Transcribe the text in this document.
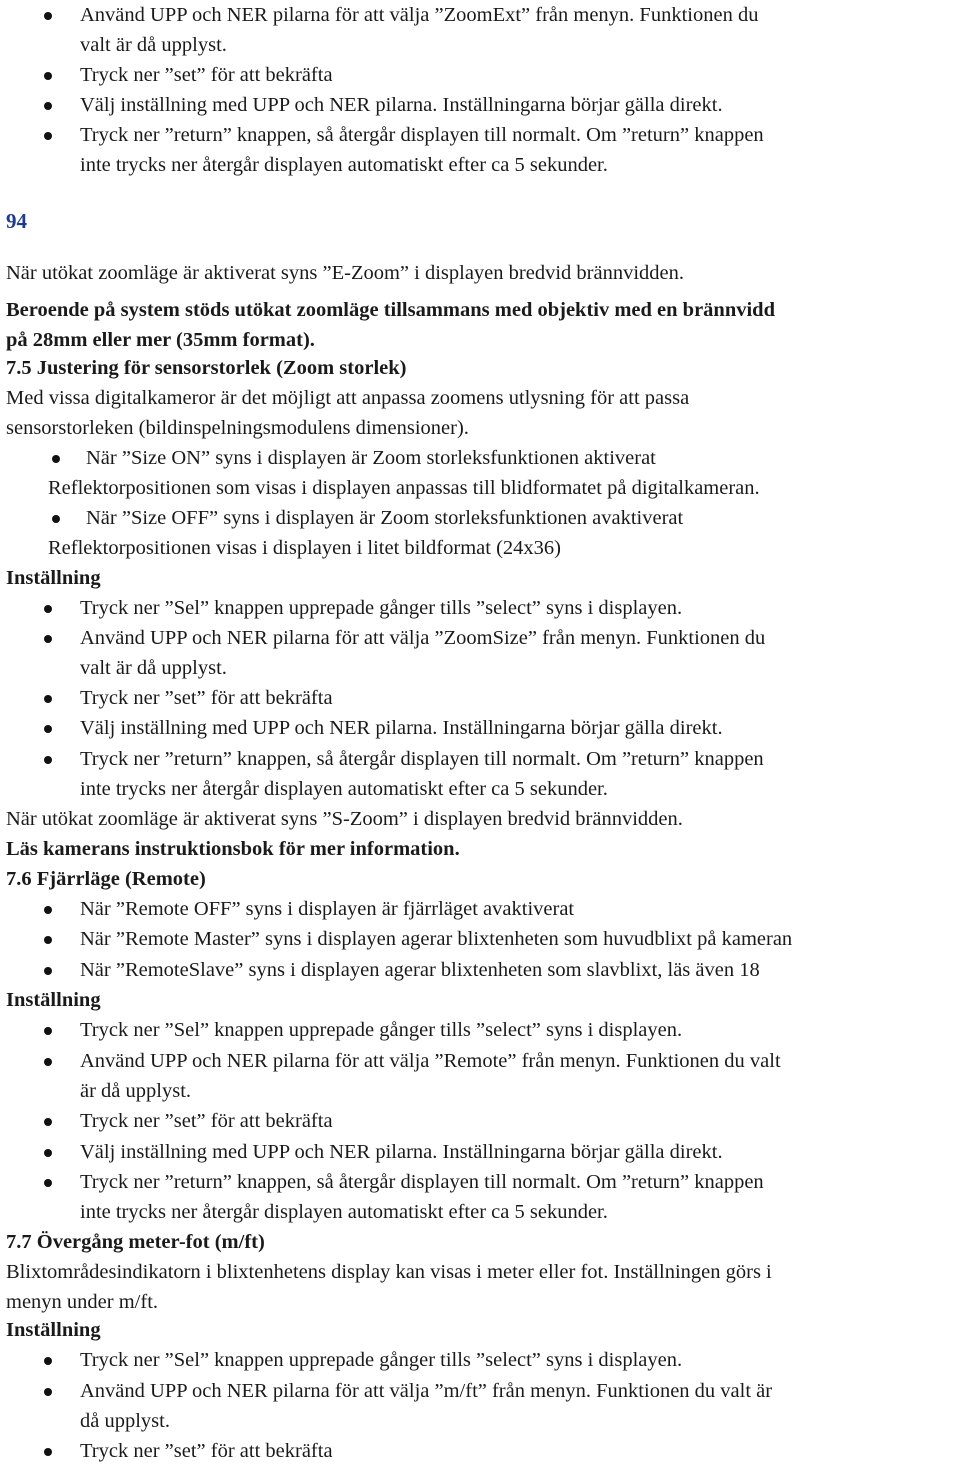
94
Använd UPP och NER pilarna för att välja ”ZoomExt” från menyn. Funktionen du
valt är då upplyst.
Tryck ner ”set” för att bekräfta
Välj inställning med UPP och NER pilarna. Inställningarna börjar gälla direkt.
Tryck ner ”return” knappen, så återgår displayen till normalt. Om ”return” knappen
inte trycks ner återgår displayen automatiskt efter ca 5 sekunder.
När utökat zoomläge är aktiverat syns ”E-Zoom” i displayen bredvid brännvidden.
Beroende på system stöds utökat zoomläge tillsammans med objektiv med en brännvidd
på 28mm eller mer (35mm format).
7.5 Justering för sensorstorlek (Zoom storlek)
Med vissa digitalkameror är det möjligt att anpassa zoomens utlysning för att passa
sensorstorleken (bildinspelningsmodulens dimensioner).
När ”Size ON” syns i displayen är Zoom storleksfunktionen aktiverat
Reflektorpositionen som visas i displayen anpassas till blidformatet på digitalkameran.
När ”Size OFF” syns i displayen är Zoom storleksfunktionen avaktiverat
Reflektorpositionen visas i displayen i litet bildformat (24x36)
Inställning
Tryck ner ”Sel” knappen upprepade gånger tills ”select” syns i displayen.
Använd UPP och NER pilarna för att välja ”ZoomSize” från menyn. Funktionen du
valt är då upplyst.
Tryck ner ”set” för att bekräfta
Välj inställning med UPP och NER pilarna. Inställningarna börjar gälla direkt.
Tryck ner ”return” knappen, så återgår displayen till normalt. Om ”return” knappen
inte trycks ner återgår displayen automatiskt efter ca 5 sekunder.
När utökat zoomläge är aktiverat syns ”S-Zoom” i displayen bredvid brännvidden.
Läs kamerans instruktionsbok för mer information.
7.6 Fjärrläge (Remote)
När ”Remote OFF” syns i displayen är fjärrläget avaktiverat
När ”Remote Master” syns i displayen agerar blixtenheten som huvudblixt på kameran
När ”RemoteSlave” syns i displayen agerar blixtenheten som slavblixt, läs även 18
Inställning
Tryck ner ”Sel” knappen upprepade gånger tills ”select” syns i displayen.
Använd UPP och NER pilarna för att välja ”Remote” från menyn. Funktionen du valt
är då upplyst.
Tryck ner ”set” för att bekräfta
Välj inställning med UPP och NER pilarna. Inställningarna börjar gälla direkt.
Tryck ner ”return” knappen, så återgår displayen till normalt. Om ”return” knappen
inte trycks ner återgår displayen automatiskt efter ca 5 sekunder.
7.7 Övergång meter-fot (m/ft)
Blixtområdesindikatorn i blixtenhetens display kan visas i meter eller fot. Inställningen görs i
menyn under m/ft.
Inställning
Tryck ner ”Sel” knappen upprepade gånger tills ”select” syns i displayen.
Använd UPP och NER pilarna för att välja ”m/ft” från menyn. Funktionen du valt är
då upplyst.
Tryck ner ”set” för att bekräfta
